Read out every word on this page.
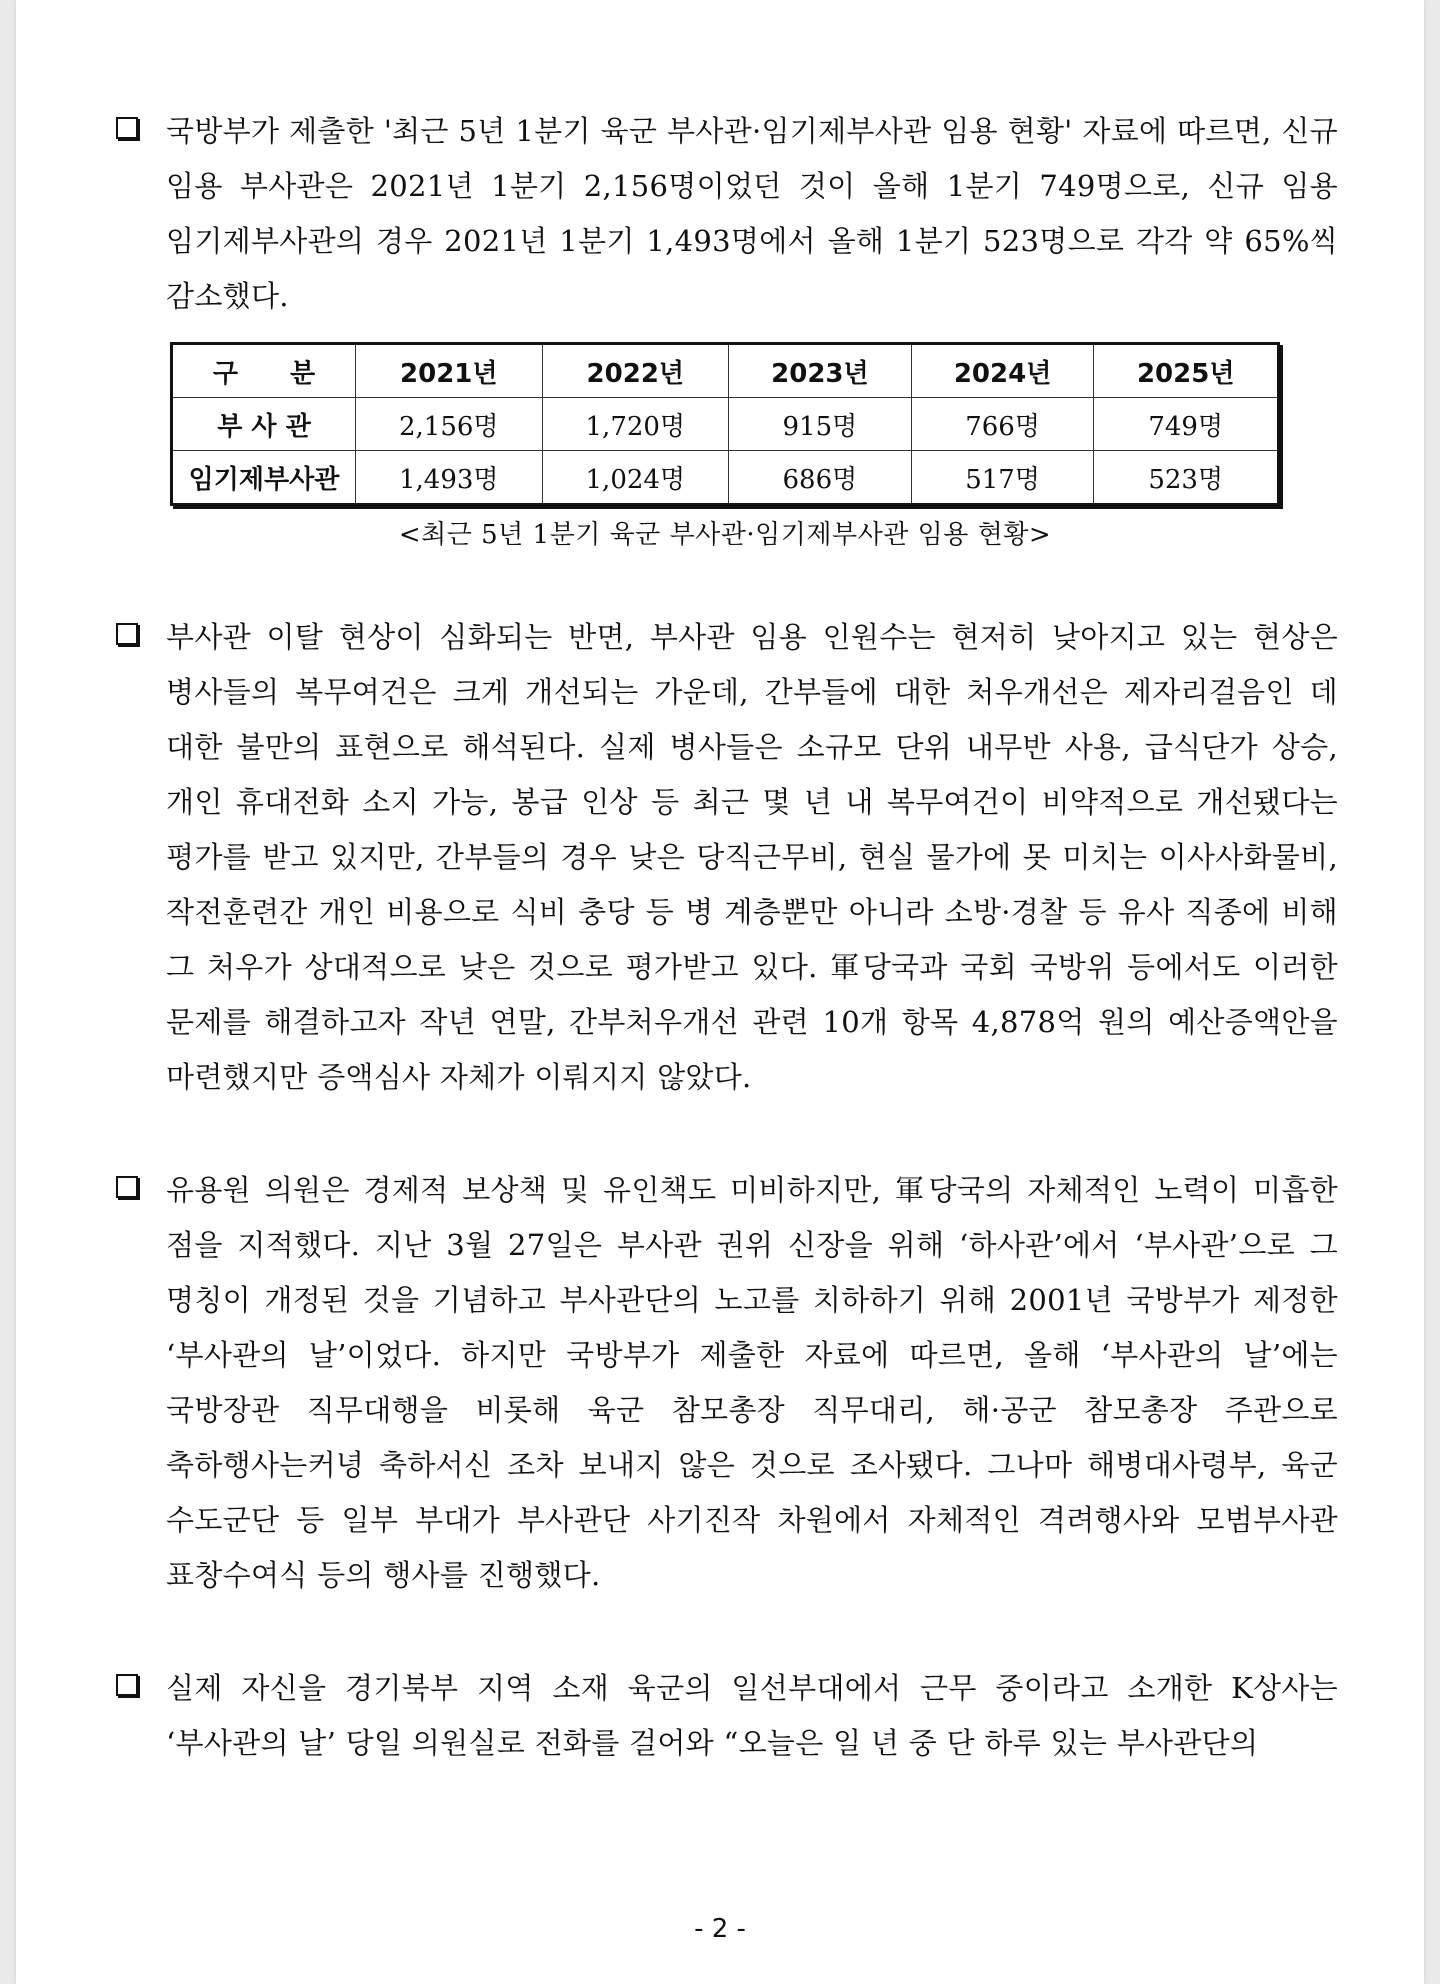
국방부가 제출한 '최근 5년 1분기 육군 부사관·임기제부사관 임용 현황' 자료에 따르면, 신규 임용 부사관은 2021년 1분기 2,156명이었던 것이 올해 1분기 749명으로, 신규 임용 임기제부사관의 경우 2021년 1분기 1,493명에서 올해 1분기 523명으로 각각 약 65%씩 감소했다.
구　　분	2021년	2022년	2023년	2024년	2025년
부 사 관	2,156명	1,720명	915명	766명	749명
임기제부사관	1,493명	1,024명	686명	517명	523명
<최근 5년 1분기 육군 부사관·임기제부사관 임용 현황>
부사관 이탈 현상이 심화되는 반면, 부사관 임용 인원수는 현저히 낮아지고 있는 현상은 병사들의 복무여건은 크게 개선되는 가운데, 간부들에 대한 처우개선은 제자리걸음인 데 대한 불만의 표현으로 해석된다. 실제 병사들은 소규모 단위 내무반 사용, 급식단가 상승, 개인 휴대전화 소지 가능, 봉급 인상 등 최근 몇 년 내 복무여건이 비약적으로 개선됐다는 평가를 받고 있지만, 간부들의 경우 낮은 당직근무비, 현실 물가에 못 미치는 이사사화물비, 작전훈련간 개인 비용으로 식비 충당 등 병 계층뿐만 아니라 소방·경찰 등 유사 직종에 비해 그 처우가 상대적으로 낮은 것으로 평가받고 있다. 軍당국과 국회 국방위 등에서도 이러한 문제를 해결하고자 작년 연말, 간부처우개선 관련 10개 항목 4,878억 원의 예산증액안을 마련했지만 증액심사 자체가 이뤄지지 않았다.
유용원 의원은 경제적 보상책 및 유인책도 미비하지만, 軍당국의 자체적인 노력이 미흡한 점을 지적했다. 지난 3월 27일은 부사관 권위 신장을 위해 ‘하사관’에서 ‘부사관’으로 그 명칭이 개정된 것을 기념하고 부사관단의 노고를 치하하기 위해 2001년 국방부가 제정한 ‘부사관의 날’이었다. 하지만 국방부가 제출한 자료에 따르면, 올해 ‘부사관의 날’에는 국방장관 직무대행을 비롯해 육군 참모총장 직무대리, 해·공군 참모총장 주관으로 축하행사는커녕 축하서신 조차 보내지 않은 것으로 조사됐다. 그나마 해병대사령부, 육군 수도군단 등 일부 부대가 부사관단 사기진작 차원에서 자체적인 격려행사와 모범부사관 표창수여식 등의 행사를 진행했다.
실제 자신을 경기북부 지역 소재 육군의 일선부대에서 근무 중이라고 소개한 K상사는 ‘부사관의 날’ 당일 의원실로 전화를 걸어와 “오늘은 일 년 중 단 하루 있는 부사관단의
- 2 -
